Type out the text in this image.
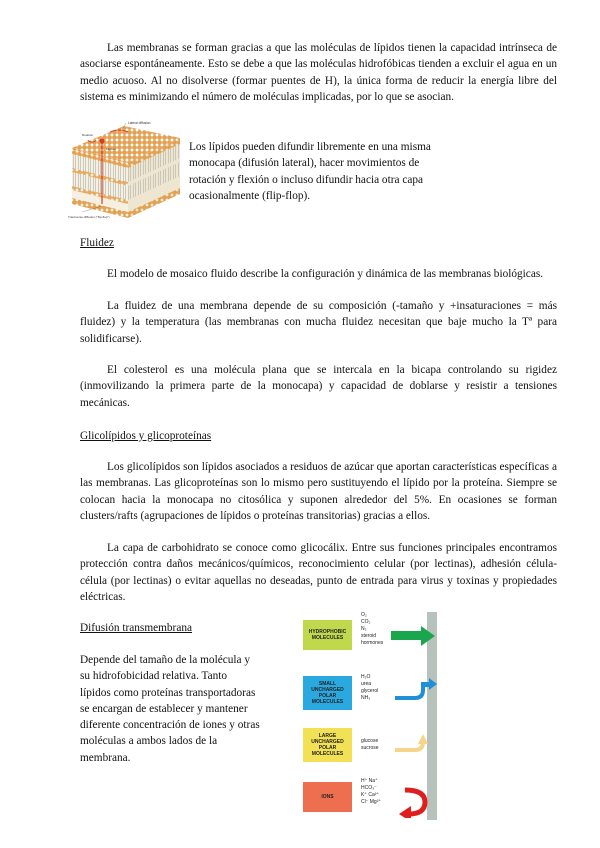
Las membranas se forman gracias a que las moléculas de lípidos tienen la capacidad intrínseca de asociarse espontáneamente. Esto se debe a que las moléculas hidrofóbicas tienden a excluir el agua en un medio acuoso. Al no disolverse (formar puentes de H), la única forma de reducir la energía libre del sistema es minimizando el número de moléculas implicadas, por lo que se asocian.

Lateral diffusion
Flexion
Rotation
Transverse diffusion ("flip-flop")

Los lípidos pueden difundir libremente en una misma monocapa (difusión lateral), hacer movimientos de rotación y flexión o incluso difundir hacia otra capa ocasionalmente (flip-flop).

Fluidez

El modelo de mosaico fluido describe la configuración y dinámica de las membranas biológicas.

La fluidez de una membrana depende de su composición (-tamaño y +insaturaciones = más fluidez) y la temperatura (las membranas con mucha fluidez necesitan que baje mucho la Tª para solidificarse).

El colesterol es una molécula plana que se intercala en la bicapa controlando su rigidez (inmovilizando la primera parte de la monocapa) y capacidad de doblarse y resistir a tensiones mecánicas.

Glicolípidos y glicoproteínas

Los glicolípidos son lípidos asociados a residuos de azúcar que aportan características específicas a las membranas. Las glicoproteínas son lo mismo pero sustituyendo el lípido por la proteína. Siempre se colocan hacia la monocapa no citosólica y suponen alrededor del 5%. En ocasiones se forman clusters/rafts (agrupaciones de lípidos o proteínas transitorias) gracias a ellos.

La capa de carbohidrato se conoce como glicocálix. Entre sus funciones principales encontramos protección contra daños mecánicos/químicos, reconocimiento celular (por lectinas), adhesión célula-célula (por lectinas) o evitar aquellas no deseadas, punto de entrada para virus y toxinas y propiedades eléctricas.

Difusión transmembrana

Depende del tamaño de la molécula y su hidrofobicidad relativa. Tanto lípidos como proteínas transportadoras se encargan de establecer y mantener diferente concentración de iones y otras moléculas a ambos lados de la membrana.

HYDROPHOBIC MOLECULES
O₂
CO₂
N₂
steroid
hormones
SMALL UNCHARGED POLAR MOLECULES
H₂O
urea
glycerol
NH₃
LARGE UNCHARGED POLAR MOLECULES
glucose
sucrose
IONS
H⁺ Na⁺
HCO₃⁻
K⁺ Ca²⁺
Cl⁻ Mg²⁺
